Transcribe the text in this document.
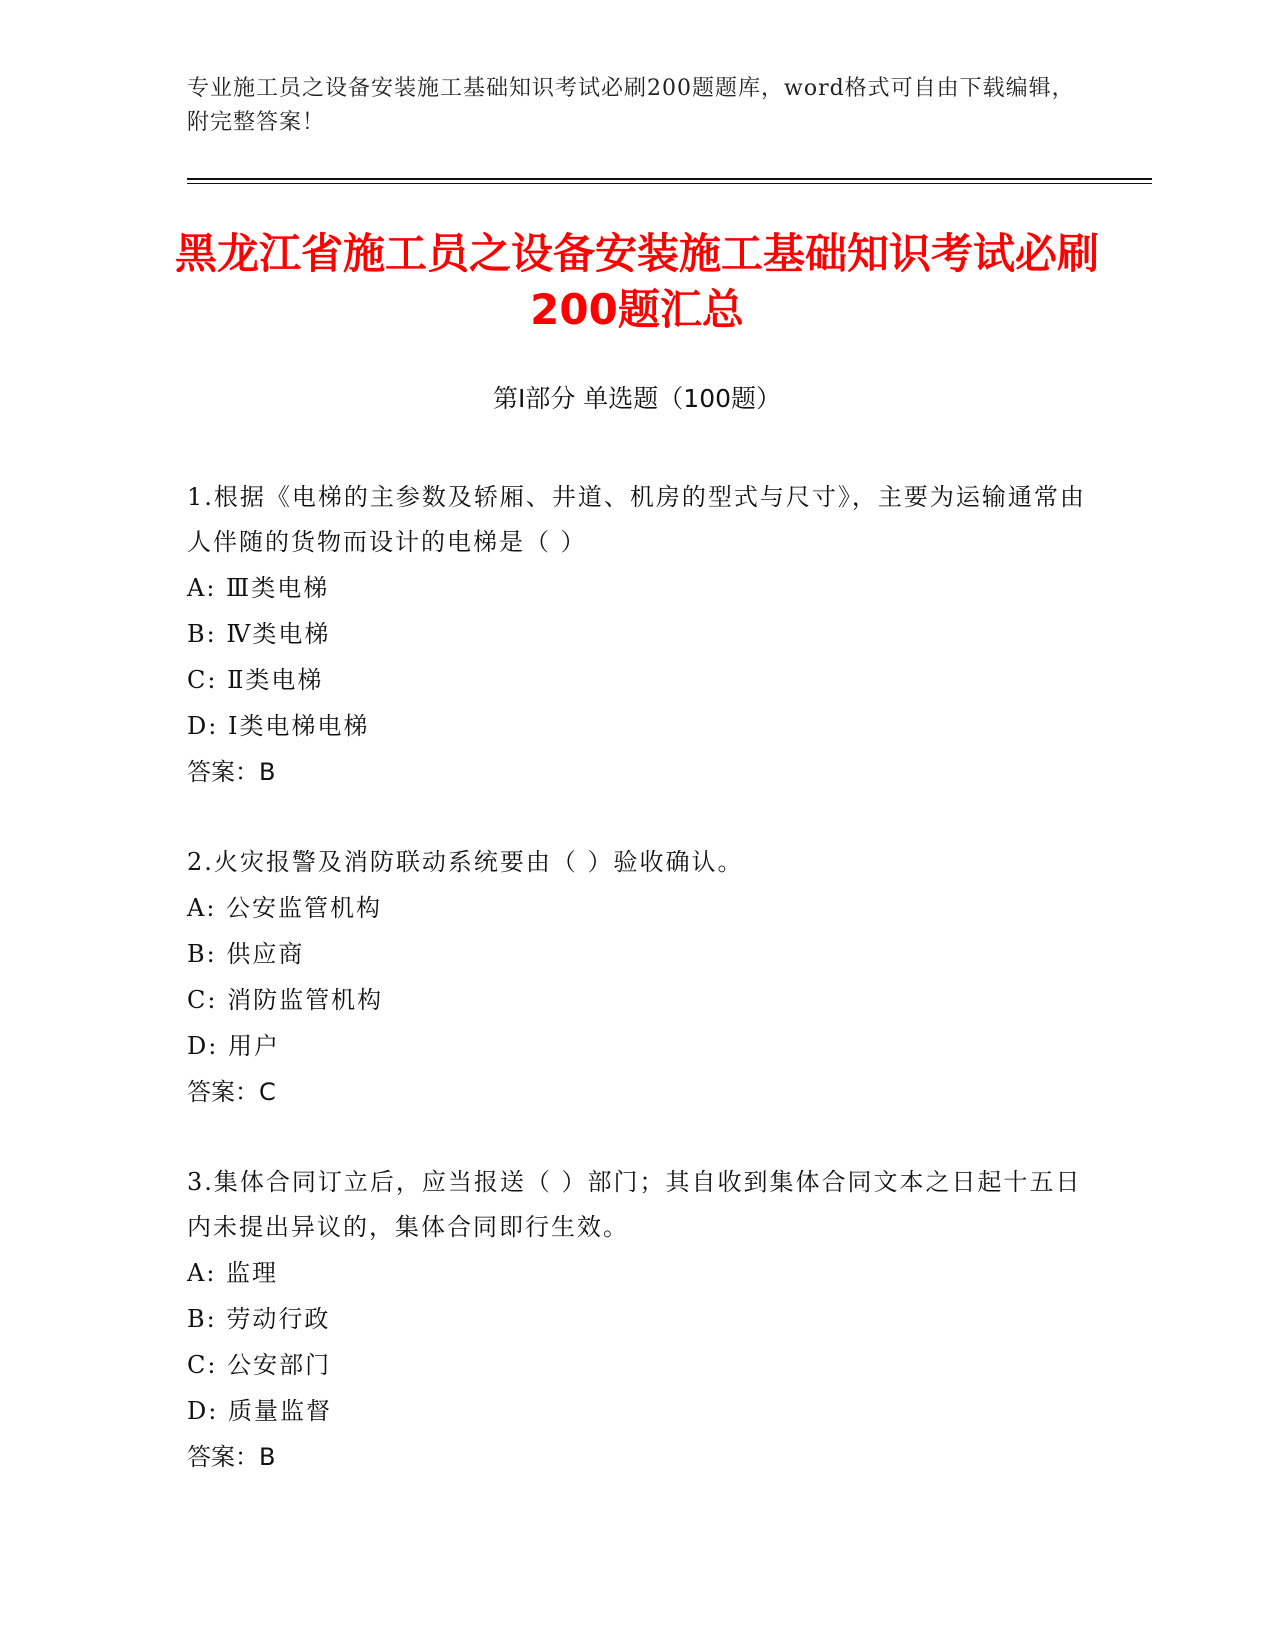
专业施工员之设备安装施工基础知识考试必刷200题题库，word格式可自由下载编辑，附完整答案！
黑龙江省施工员之设备安装施工基础知识考试必刷200题汇总
第I部分 单选题（100题）

1.根据《电梯的主参数及轿厢、井道、机房的型式与尺寸》，主要为运输通常由人伴随的货物而设计的电梯是（ ）

A: Ⅲ类电梯

B: Ⅳ类电梯

C: Ⅱ类电梯

D: Ⅰ类电梯电梯

答案：B

2.火灾报警及消防联动系统要由（ ）验收确认。

A: 公安监管机构

B: 供应商

C: 消防监管机构

D: 用户

答案：C

3.集体合同订立后，应当报送（ ）部门；其自收到集体合同文本之日起十五日内未提出异议的，集体合同即行生效。

A: 监理

B: 劳动行政

C: 公安部门

D: 质量监督

答案：B
